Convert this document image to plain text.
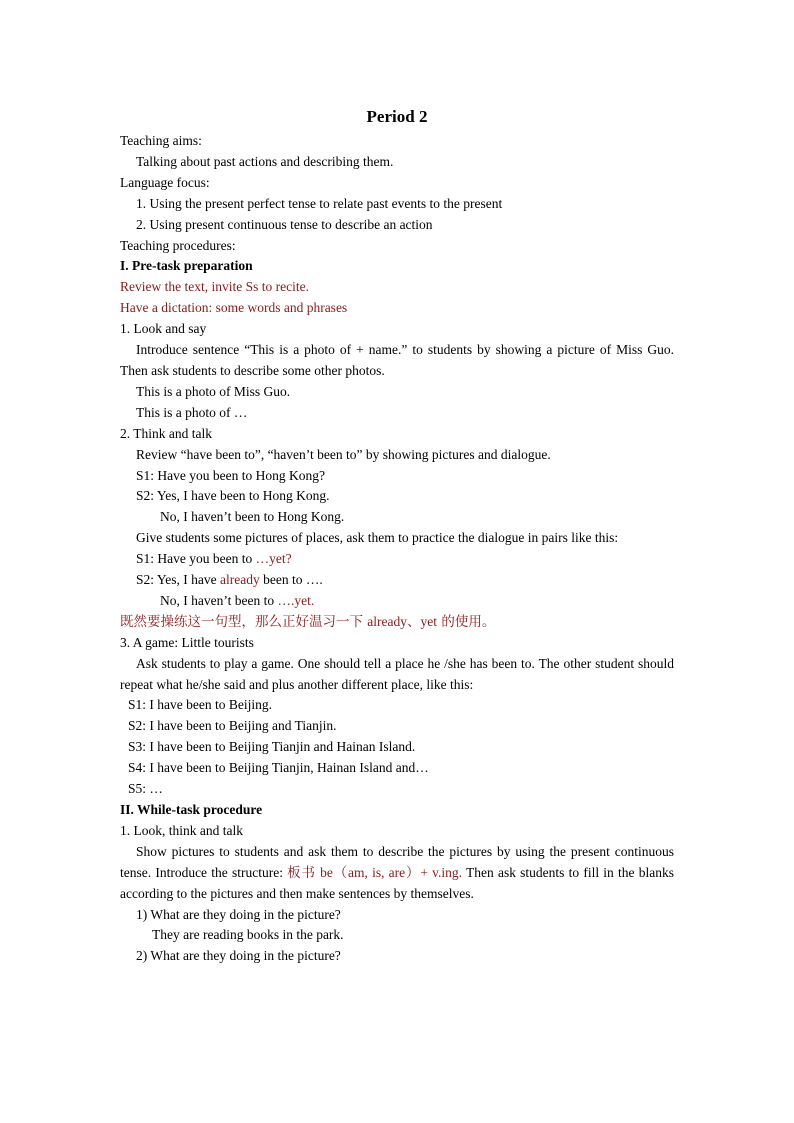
Period 2
Teaching aims:
Talking about past actions and describing them.
Language focus:
1. Using the present perfect tense to relate past events to the present
2. Using present continuous tense to describe an action
Teaching procedures:
I. Pre-task preparation
Review the text, invite Ss to recite.
Have a dictation: some words and phrases
1. Look and say
Introduce sentence “This is a photo of + name.” to students by showing a picture of Miss Guo. Then ask students to describe some other photos.
This is a photo of Miss Guo.
This is a photo of …
2. Think and talk
Review “have been to”, “haven’t been to” by showing pictures and dialogue.
S1: Have you been to Hong Kong?
S2: Yes, I have been to Hong Kong.
No, I haven’t been to Hong Kong.
Give students some pictures of places, ask them to practice the dialogue in pairs like this:
S1: Have you been to …yet?
S2: Yes, I have already been to ….
No, I haven’t been to ….yet.
既然要操练这一句型，那么正好温习一下 already、yet 的使用。
3. A game: Little tourists
Ask students to play a game. One should tell a place he /she has been to. The other student should repeat what he/she said and plus another different place, like this:
S1: I have been to Beijing.
S2: I have been to Beijing and Tianjin.
S3: I have been to Beijing Tianjin and Hainan Island.
S4: I have been to Beijing Tianjin, Hainan Island and…
S5: …
II. While-task procedure
1. Look, think and talk
Show pictures to students and ask them to describe the pictures by using the present continuous tense. Introduce the structure: 板书 be（am, is, are）+ v.ing. Then ask students to fill in the blanks according to the pictures and then make sentences by themselves.
1) What are they doing in the picture?
They are reading books in the park.
2) What are they doing in the picture?
